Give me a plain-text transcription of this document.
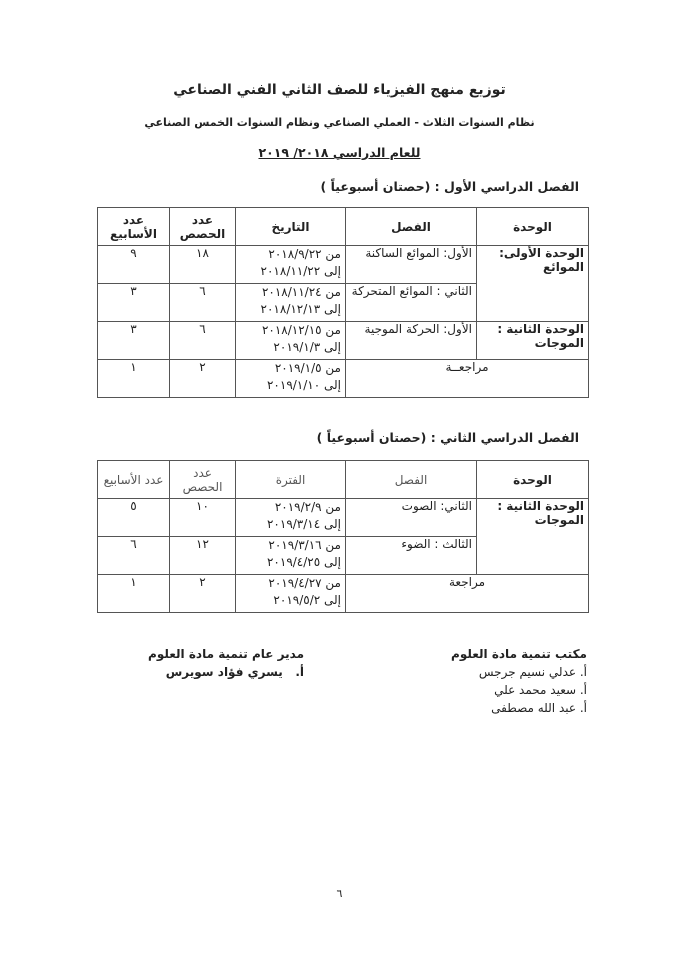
توزيع منهج الفيزياء للصف الثاني الفني الصناعي
نظام السنوات الثلاث - العملي الصناعي ونظام السنوات الخمس الصناعي
للعام الدراسي ٢٠١٨/ ٢٠١٩
الفصل الدراسي الأول : (حصتان أسبوعياً )
الوحدة	الفصل	التاريخ	عدد الحصص	عدد الأسابيع
الوحدة الأولى: الموائع	الأول: الموائع الساكنة	من ٢٠١٨/٩/٢٢
إلى ٢٠١٨/١١/٢٢	١٨	٩
	الثاني : الموائع المتحركة	من ٢٠١٨/١١/٢٤
إلى ٢٠١٨/١٢/١٣	٦	٣
الوحدة الثانية : الموجات	الأول: الحركة الموجية	من ٢٠١٨/١٢/١٥
إلى ٢٠١٩/١/٣	٦	٣
مراجعــة		من ٢٠١٩/١/٥
إلى ٢٠١٩/١/١٠	٢	١
الفصل الدراسي الثاني : (حصتان أسبوعياً )
الوحدة	الفصل	الفترة	عدد الحصص	عدد الأسابيع
الوحدة الثانية : الموجات	الثاني: الصوت	من ٢٠١٩/٢/٩
إلى ٢٠١٩/٣/١٤	١٠	٥
	الثالث : الضوء	من ٢٠١٩/٣/١٦
إلى ٢٠١٩/٤/٢٥	١٢	٦
مراجعة		من ٢٠١٩/٤/٢٧
إلى ٢٠١٩/٥/٢	٢	١
مكتب تنمية مادة العلوم
أ. عدلي نسيم جرجس
أ. سعيد محمد علي
أ. عبد الله مصطفى
مدير عام تنمية مادة العلوم
أ.   يسري فؤاد سويرس
٦
